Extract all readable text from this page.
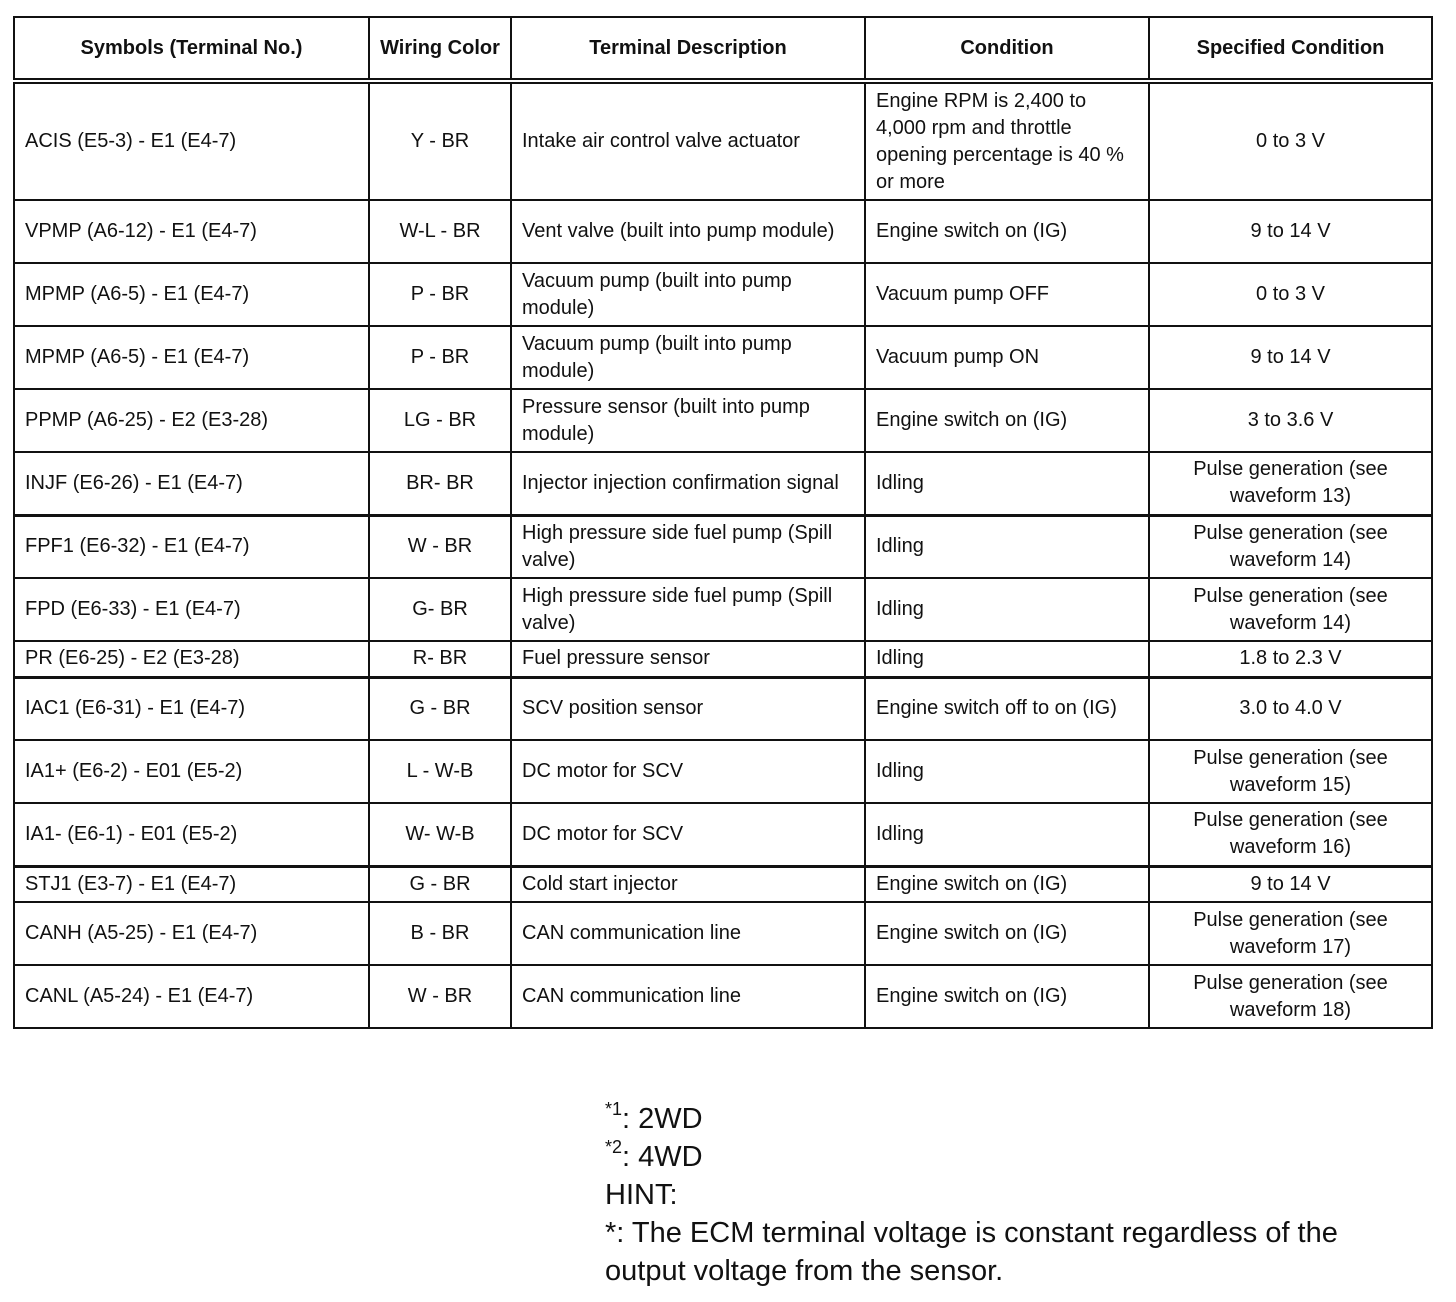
Symbols (Terminal No.)	Wiring Color	Terminal Description	Condition	Specified Condition
ACIS (E5-3) - E1 (E4-7)	Y - BR	Intake air control valve actuator	Engine RPM is 2,400 to 4,000 rpm and throttle opening percentage is 40 % or more	0 to 3 V
VPMP (A6-12) - E1 (E4-7)	W-L - BR	Vent valve (built into pump module)	Engine switch on (IG)	9 to 14 V
MPMP (A6-5) - E1 (E4-7)	P - BR	Vacuum pump (built into pump module)	Vacuum pump OFF	0 to 3 V
MPMP (A6-5) - E1 (E4-7)	P - BR	Vacuum pump (built into pump module)	Vacuum pump ON	9 to 14 V
PPMP (A6-25) - E2 (E3-28)	LG - BR	Pressure sensor (built into pump module)	Engine switch on (IG)	3 to 3.6 V
INJF (E6-26) - E1 (E4-7)	BR- BR	Injector injection confirmation signal	Idling	Pulse generation (see waveform 13)
FPF1 (E6-32) - E1 (E4-7)	W - BR	High pressure side fuel pump (Spill valve)	Idling	Pulse generation (see waveform 14)
FPD (E6-33) - E1 (E4-7)	G- BR	High pressure side fuel pump (Spill valve)	Idling	Pulse generation (see waveform 14)
PR (E6-25) - E2 (E3-28)	R- BR	Fuel pressure sensor	Idling	1.8 to 2.3 V
IAC1 (E6-31) - E1 (E4-7)	G - BR	SCV position sensor	Engine switch off to on (IG)	3.0 to 4.0 V
IA1+ (E6-2) - E01 (E5-2)	L - W-B	DC motor for SCV	Idling	Pulse generation (see waveform 15)
IA1- (E6-1) - E01 (E5-2)	W- W-B	DC motor for SCV	Idling	Pulse generation (see waveform 16)
STJ1 (E3-7) - E1 (E4-7)	G - BR	Cold start injector	Engine switch on (IG)	9 to 14 V
CANH (A5-25) - E1 (E4-7)	B - BR	CAN communication line	Engine switch on (IG)	Pulse generation (see waveform 17)
CANL (A5-24) - E1 (E4-7)	W - BR	CAN communication line	Engine switch on (IG)	Pulse generation (see waveform 18)
$^{*1}$: 2WD
$^{*2}$: 4WD
HINT:
*: The ECM terminal voltage is constant regardless of the output voltage from the sensor.
